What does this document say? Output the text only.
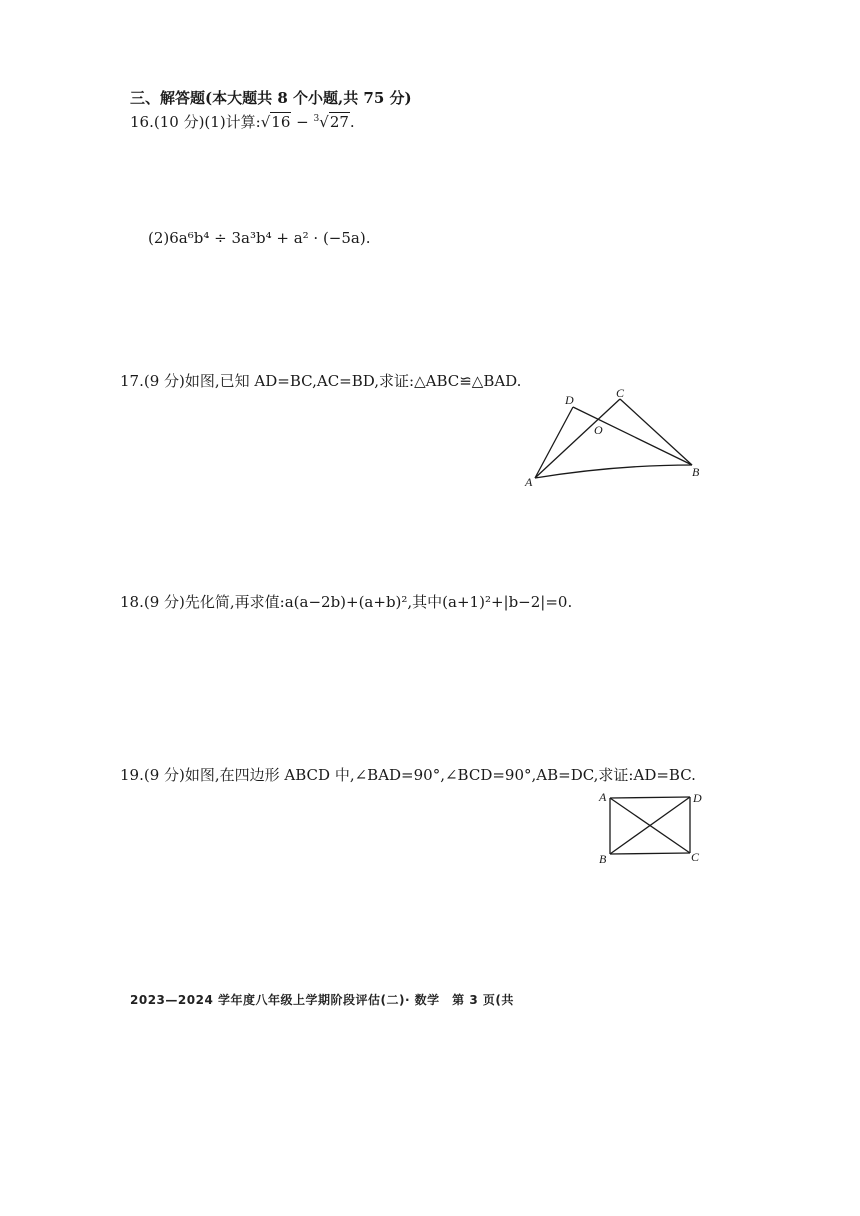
三、解答题(本大题共 8 个小题,共 75 分)
16.(10 分)(1)计算:√16 − $^3$√27.
(2)6a⁶b⁴ ÷ 3a³b⁴ + a² · (−5a).
17.(9 分)如图,已知 AD=BC,AC=BD,求证:△ABC≌△BAD.
D	C
O
A
B
18.(9 分)先化简,再求值:a(a−2b)+(a+b)²,其中(a+1)²+|b−2|=0.
19.(9 分)如图,在四边形 ABCD 中,∠BAD=90°,∠BCD=90°,AB=DC,求证:AD=BC.
A	D
B	C
2023—2024 学年度八年级上学期阶段评估(二)· 数学　第 3 页(共
